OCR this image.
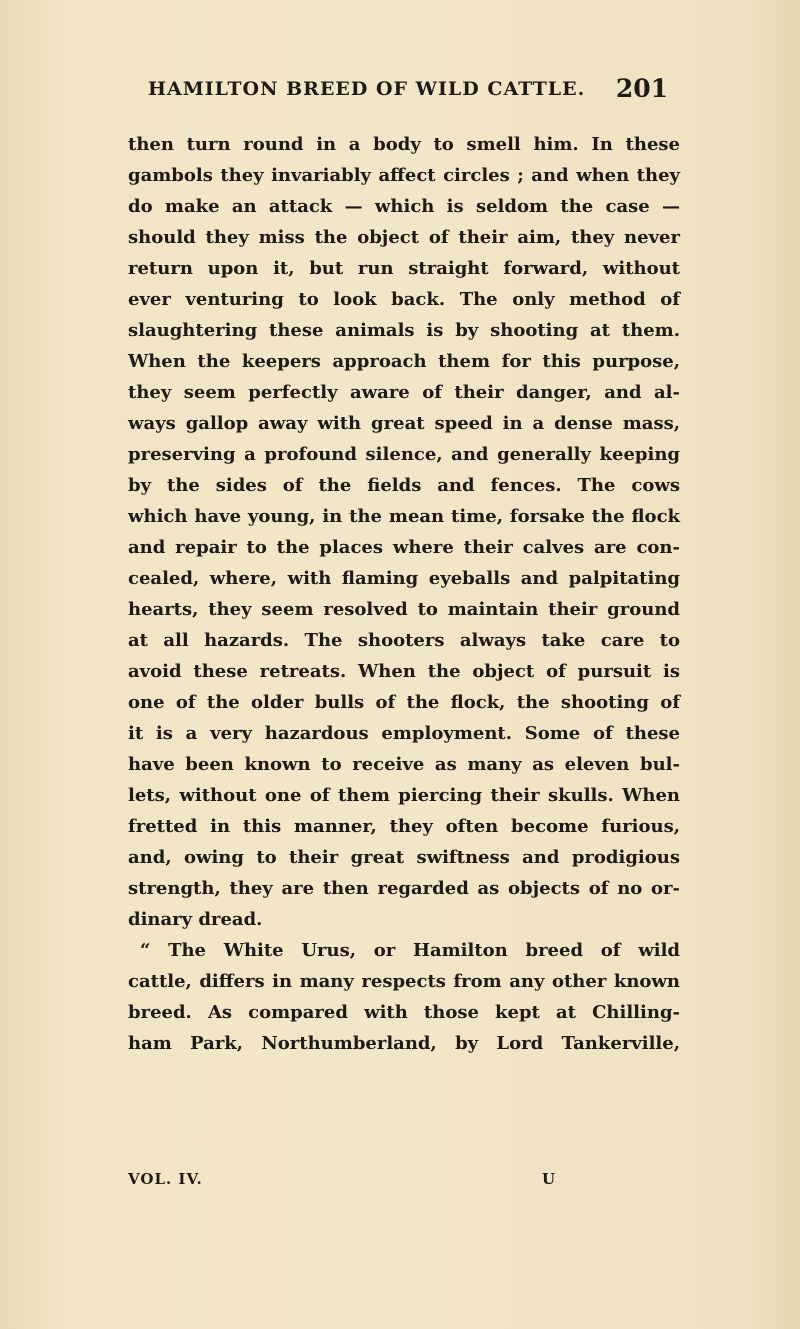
HAMILTON BREED OF WILD CATTLE. 201
then turn round in a body to smell him. In these
gambols they invariably affect circles ; and when they
do make an attack — which is seldom the case —
should they miss the object of their aim, they never
return upon it, but run straight forward, without
ever venturing to look back. The only method of
slaughtering these animals is by shooting at them.
When the keepers approach them for this purpose,
they seem perfectly aware of their danger, and al-
ways gallop away with great speed in a dense mass,
preserving a profound silence, and generally keeping
by the sides of the fields and fences. The cows
which have young, in the mean time, forsake the flock
and repair to the places where their calves are con-
cealed, where, with flaming eyeballs and palpitating
hearts, they seem resolved to maintain their ground
at all hazards. The shooters always take care to
avoid these retreats. When the object of pursuit is
one of the older bulls of the flock, the shooting of
it is a very hazardous employment. Some of these
have been known to receive as many as eleven bul-
lets, without one of them piercing their skulls. When
fretted in this manner, they often become furious,
and, owing to their great swiftness and prodigious
strength, they are then regarded as objects of no or-
dinary dread.
“ The White Urus, or Hamilton breed of wild
cattle, differs in many respects from any other known
breed. As compared with those kept at Chilling-
ham Park, Northumberland, by Lord Tankerville,
VOL. IV.	U
